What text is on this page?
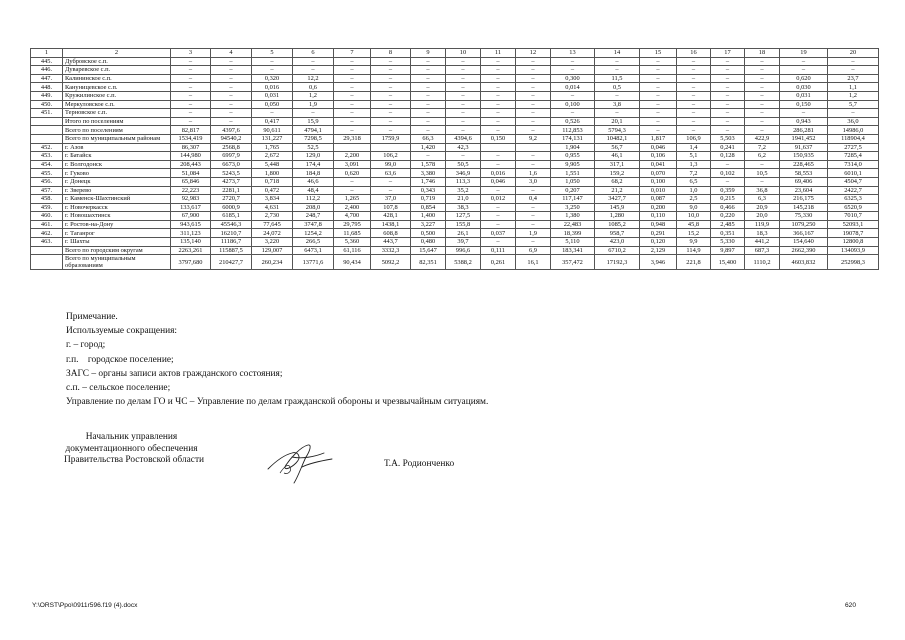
1	2	3	4	5	6	7	8	9	10	11	12	13	14	15	16	17	18	19	20
445.	Дубровское с.п.	–	–	–	–	–	–	–	–	–	–	–	–	–	–	–	–	–	–
446.	Дуваревское с.п.	–	–	–	–	–	–	–	–	–	–	–	–	–	–	–	–	–	–
447.	Калининское с.п.	–	–	0,320	12,2	–	–	–	–	–	–	0,300	11,5	–	–	–	–	0,620	23,7
448.	Кануницевское с.п.	–	–	0,016	0,6	–	–	–	–	–	–	0,014	0,5	–	–	–	–	0,030	1,1
449.	Кружилинское с.п.	–	–	0,031	1,2	–	–	–	–	–	–	–	–	–	–	–	–	0,031	1,2
450.	Меркуловское с.п.	–	–	0,050	1,9	–	–	–	–	–	–	0,100	3,8	–	–	–	–	0,150	5,7
451.	Терновское с.п.	–	–	–	–	–	–	–	–	–	–	–	–	–	–	–	–	–	–
	Итого по поселениям	–	–	0,417	15,9	–	–	–	–	–	–	0,526	20,1	–	–	–	–	0,943	36,0
	Всего по поселениям	82,817	4397,6	90,611	4794,1	–	–	–	–	–	–	112,853	5794,3	–	–	–	–	286,281	14986,0
	Всего по муниципальным районам	1534,419	94540,2	131,227	7298,5	29,318	1759,9	66,3	4394,6	0,150	9,2	174,131	10482,1	1,817	106,9	5,503	422,9	1941,452	118904,4
452.	г. Азов	86,307	2568,8	1,765	52,5			1,420	42,3			1,904	56,7	0,046	1,4	0,241	7,2	91,637	2727,5
453.	г. Батайск	144,980	6997,9	2,672	129,0	2,200	106,2	–	–	–	–	0,955	46,1	0,106	5,1	0,128	6,2	150,935	7285,4
454.	г. Волгодонск	208,443	6673,0	5,448	174,4	3,091	99,0	1,578	50,5	–	–	9,905	317,1	0,041	1,3	–	–	228,465	7314,0
455.	г. Гуково	51,084	5243,5	1,800	184,8	0,620	63,6	3,380	346,9	0,016	1,6	1,551	159,2	0,070	7,2	0,102	10,5	58,553	6010,1
456.	г. Донецк	65,846	4273,7	0,718	46,6	–	–	1,746	113,3	0,046	3,0	1,050	68,2	0,100	6,5	–	–	69,406	4504,7
457.	г. Зверево	22,223	2281,1	0,472	48,4	–	–	0,343	35,2	–	–	0,207	21,2	0,010	1,0	0,359	36,8	23,604	2422,7
458.	г. Каменск-Шахтинский	92,983	2720,7	3,834	112,2	1,265	37,0	0,719	21,0	0,012	0,4	117,147	3427,7	0,087	2,5	0,215	6,3	216,175	6325,3
459.	г. Новочеркасск	133,617	6000,9	4,631	208,0	2,400	107,8	0,854	38,3	–	–	3,250	145,9	0,200	9,0	0,466	20,9	145,218	6520,9
460.	г. Новошахтинск	67,900	6185,1	2,730	248,7	4,700	428,1	1,400	127,5	–	–	1,380	1,280	0,110	10,0	0,220	20,0	75,330	7010,7
461.	г. Ростов-на-Дону	943,615	45546,3	77,645	3747,8	29,795	1438,1	3,227	155,8	–	–	22,483	1085,2	0,948	45,8	2,485	119,9	1079,250	52093,1
462.	г. Таганрог	311,123	16210,7	24,072	1254,2	11,685	608,8	0,500	26,1	0,037	1,9	18,399	958,7	0,291	15,2	0,351	18,3	366,167	19078,7
463.	г. Шахты	135,140	11186,7	3,220	266,5	5,360	443,7	0,480	39,7	–	–	5,110	423,0	0,120	9,9	5,330	441,2	154,640	12800,8
	Всего по городским округам	2263,261	115887,5	129,007	6473,1	61,116	3332,3	15,647	996,6	0,111	6,9	183,341	6710,2	2,129	114,9	9,897	687,3	2662,390	134093,9
	Всего по муниципальным образованиям	3797,680	210427,7	260,234	13771,6	90,434	5092,2	82,351	5388,2	0,261	16,1	357,472	17192,3	3,946	221,8	15,400	1110,2	4603,832	252998,3
Примечание.
Используемые сокращения:
г. – город;
г.п.    городское поселение;
ЗАГС – органы записи актов гражданского состояния;
с.п. – сельское поселение;
Управление по делам ГО и ЧС – Управление по делам гражданской обороны и чрезвычайным ситуациям.
Начальник управления
документационного обеспечения
Правительства Ростовской области	Т.А. Родионченко
Y:\ORST\Ppo\0911r596.f19 (4).docx	620
